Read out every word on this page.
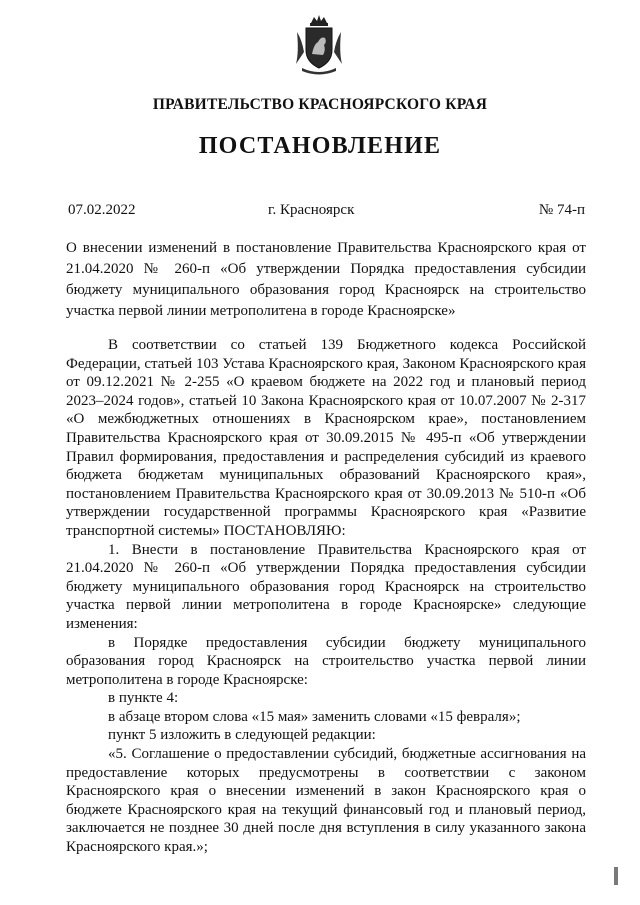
ПРАВИТЕЛЬСТВО КРАСНОЯРСКОГО КРАЯ
ПОСТАНОВЛЕНИЕ
07.02.2022	г. Красноярск	№ 74-п
О внесении изменений в постановление Правительства Красноярского края от 21.04.2020 № 260-п «Об утверждении Порядка предоставления субсидии бюджету муниципального образования город Красноярск на строительство участка первой линии метрополитена в городе Красноярске»

В соответствии со статьей 139 Бюджетного кодекса Российской Федерации, статьей 103 Устава Красноярского края, Законом Красноярского края от 09.12.2021 № 2-255 «О краевом бюджете на 2022 год и плановый период 2023–2024 годов», статьей 10 Закона Красноярского края от 10.07.2007 № 2-317 «О межбюджетных отношениях в Красноярском крае», постановлением Правительства Красноярского края от 30.09.2015 № 495-п «Об утверждении Правил формирования, предоставления и распределения субсидий из краевого бюджета бюджетам муниципальных образований Красноярского края», постановлением Правительства Красноярского края от 30.09.2013 № 510-п «Об утверждении государственной программы Красноярского края «Развитие транспортной системы» ПОСТАНОВЛЯЮ:

1. Внести в постановление Правительства Красноярского края от 21.04.2020 № 260-п «Об утверждении Порядка предоставления субсидии бюджету муниципального образования город Красноярск на строительство участка первой линии метрополитена в городе Красноярске» следующие изменения:

в Порядке предоставления субсидии бюджету муниципального образования город Красноярск на строительство участка первой линии метрополитена в городе Красноярске:

в пункте 4:

в абзаце втором слова «15 мая» заменить словами «15 февраля»;

пункт 5 изложить в следующей редакции:

«5. Соглашение о предоставлении субсидий, бюджетные ассигнования на предоставление которых предусмотрены в соответствии с законом Красноярского края о внесении изменений в закон Красноярского края о бюджете Красноярского края на текущий финансовый год и плановый период, заключается не позднее 30 дней после дня вступления в силу указанного закона Красноярского края.»;
